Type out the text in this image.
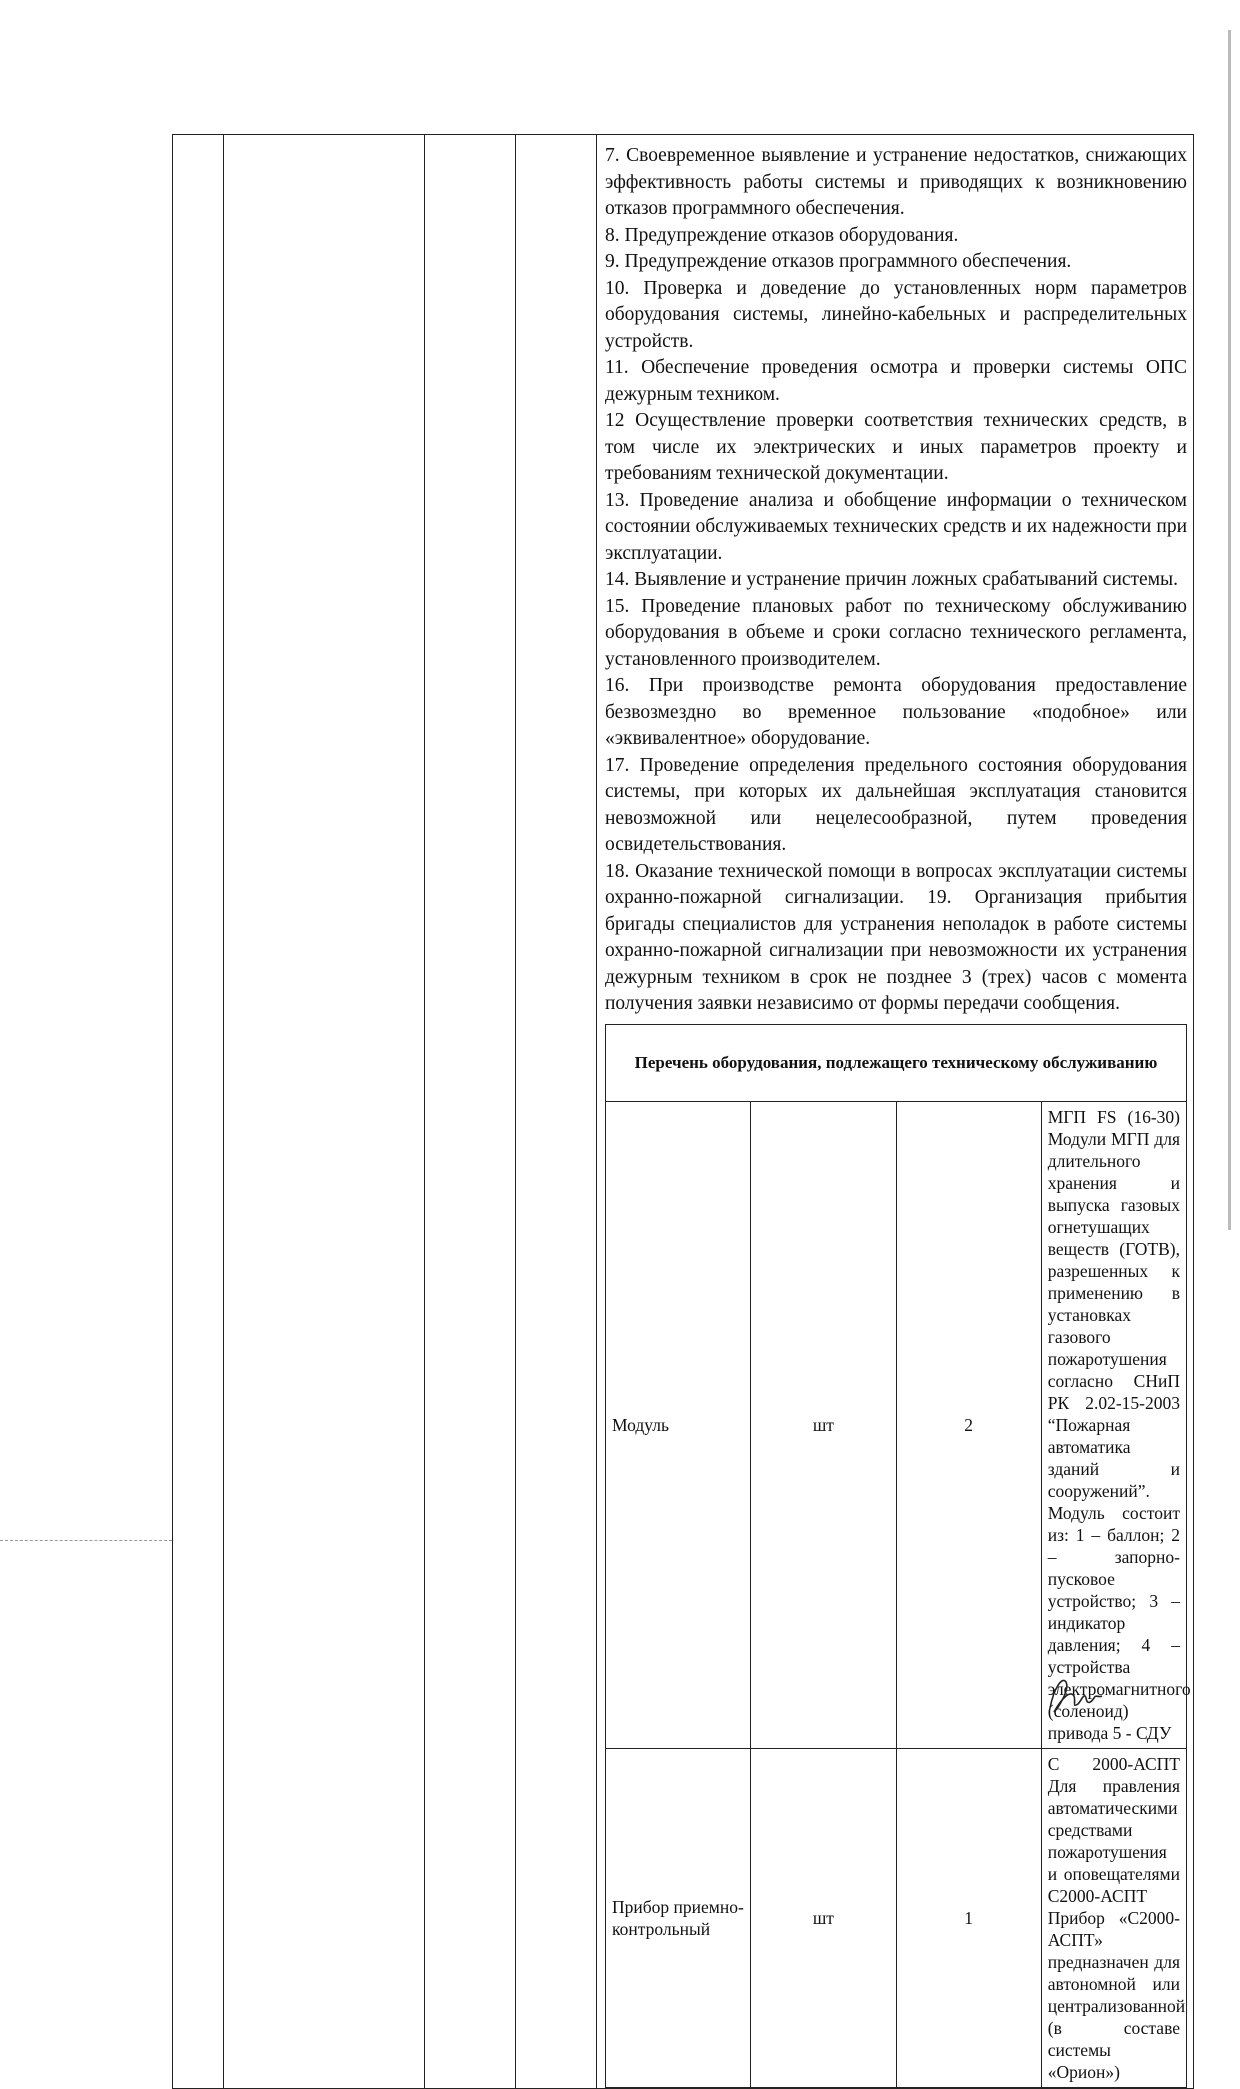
7. Своевременное выявление и устранение недостатков, снижающих эффективность работы системы и приводящих к возникновению отказов программного обеспечения.

8. Предупреждение отказов оборудования.

9. Предупреждение отказов программного обеспечения.

10. Проверка и доведение до установленных норм параметров оборудования системы, линейно-кабельных и распределительных устройств.

11. Обеспечение проведения осмотра и проверки системы ОПС дежурным техником.

12 Осуществление проверки соответствия технических средств, в том числе их электрических и иных параметров проекту и требованиям технической документации.

13. Проведение анализа и обобщение информации о техническом состоянии обслуживаемых технических средств и их надежности при эксплуатации.

14. Выявление и устранение причин ложных срабатываний системы.

15. Проведение плановых работ по техническому обслуживанию оборудования в объеме и сроки согласно технического регламента, установленного производителем.

16. При производстве ремонта оборудования предоставление безвозмездно во временное пользование «подобное» или «эквивалентное» оборудование.

17. Проведение определения предельного состояния оборудования системы, при которых их дальнейшая эксплуатация становится невозможной или нецелесообразной, путем проведения освидетельствования.

18. Оказание технической помощи в вопросах эксплуатации системы охранно-пожарной сигнализации. 19. Организация прибытия бригады специалистов для устранения неполадок в работе системы охранно-пожарной сигнализации при невозможности их устранения дежурным техником в срок не позднее 3 (трех) часов с момента получения заявки независимо от формы передачи сообщения.

Перечень оборудования, подлежащего техническому обслуживанию
Модуль	шт	2	МГП FS (16-30) Модули МГП для длительного хранения и выпуска газовых огнетушащих веществ (ГОТВ), разрешенных к применению в установках газового пожаротушения согласно СНиП РК 2.02-15-2003 “Пожарная автоматика зданий и сооружений”. Модуль состоит из: 1 – баллон; 2 – запорно-пусковое устройство; 3 – индикатор давления; 4 – устройства электромагнитного (соленоид) привода 5 - СДУ
Прибор приемно-контрольный	шт	1	С 2000-АСПТ Для правления автоматическими средствами пожаротушения и оповещателями С2000-АСПТ Прибор «С2000-АСПТ» предназначен для автономной или централизованной (в составе системы «Орион»)
